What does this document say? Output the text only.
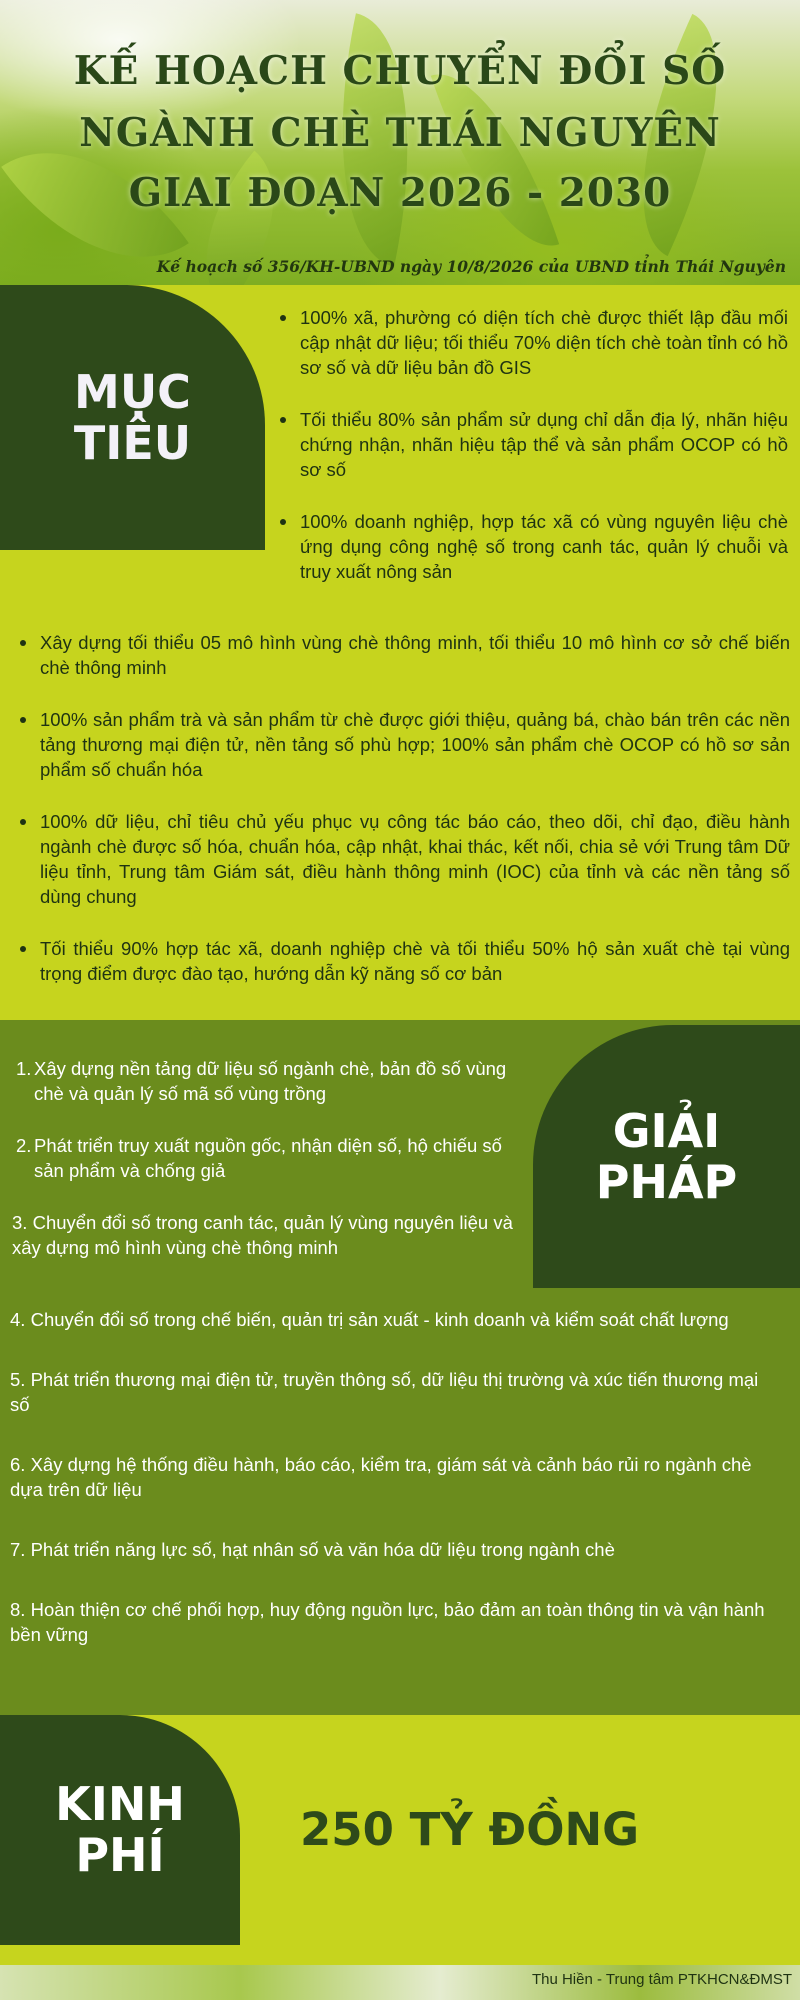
KẾ HOẠCH CHUYỂN ĐỔI SỐ
NGÀNH CHÈ THÁI NGUYÊN
GIAI ĐOẠN 2026 - 2030
Kế hoạch số 356/KH-UBND ngày 10/8/2026 của UBND tỉnh Thái Nguyên
MỤC
TIÊU
100% xã, phường có diện tích chè được thiết lập đầu mối cập nhật dữ liệu; tối thiểu 70% diện tích chè toàn tỉnh có hồ sơ số và dữ liệu bản đồ GIS
Tối thiểu 80% sản phẩm sử dụng chỉ dẫn địa lý, nhãn hiệu chứng nhận, nhãn hiệu tập thể và sản phẩm OCOP có hồ sơ số
100% doanh nghiệp, hợp tác xã có vùng nguyên liệu chè ứng dụng công nghệ số trong canh tác, quản lý chuỗi và truy xuất nông sản
Xây dựng tối thiểu 05 mô hình vùng chè thông minh, tối thiểu 10 mô hình cơ sở chế biến chè thông minh
100% sản phẩm trà và sản phẩm từ chè được giới thiệu, quảng bá, chào bán trên các nền tảng thương mại điện tử, nền tảng số phù hợp; 100% sản phẩm chè OCOP có hồ sơ sản phẩm số chuẩn hóa
100% dữ liệu, chỉ tiêu chủ yếu phục vụ công tác báo cáo, theo dõi, chỉ đạo, điều hành ngành chè được số hóa, chuẩn hóa, cập nhật, khai thác, kết nối, chia sẻ với Trung tâm Dữ liệu tỉnh, Trung tâm Giám sát, điều hành thông minh (IOC) của tỉnh và các nền tảng số dùng chung
Tối thiểu 90% hợp tác xã, doanh nghiệp chè và tối thiểu 50% hộ sản xuất chè tại vùng trọng điểm được đào tạo, hướng dẫn kỹ năng số cơ bản
GIẢI
PHÁP
1. Xây dựng nền tảng dữ liệu số ngành chè, bản đồ số vùng chè và quản lý số mã số vùng trồng
2. Phát triển truy xuất nguồn gốc, nhận diện số, hộ chiếu số sản phẩm và chống giả
3. Chuyển đổi số trong canh tác, quản lý vùng nguyên liệu và xây dựng mô hình vùng chè thông minh
4. Chuyển đổi số trong chế biến, quản trị sản xuất - kinh doanh và kiểm soát chất lượng
5. Phát triển thương mại điện tử, truyền thông số, dữ liệu thị trường và xúc tiến thương mại số
6. Xây dựng hệ thống điều hành, báo cáo, kiểm tra, giám sát và cảnh báo rủi ro ngành chè dựa trên dữ liệu
7. Phát triển năng lực số, hạt nhân số và văn hóa dữ liệu trong ngành chè
8. Hoàn thiện cơ chế phối hợp, huy động nguồn lực, bảo đảm an toàn thông tin và vận hành bền vững
KINH
PHÍ	250 TỶ ĐỒNG
Thu Hiền - Trung tâm PTKHCN&ĐMST
